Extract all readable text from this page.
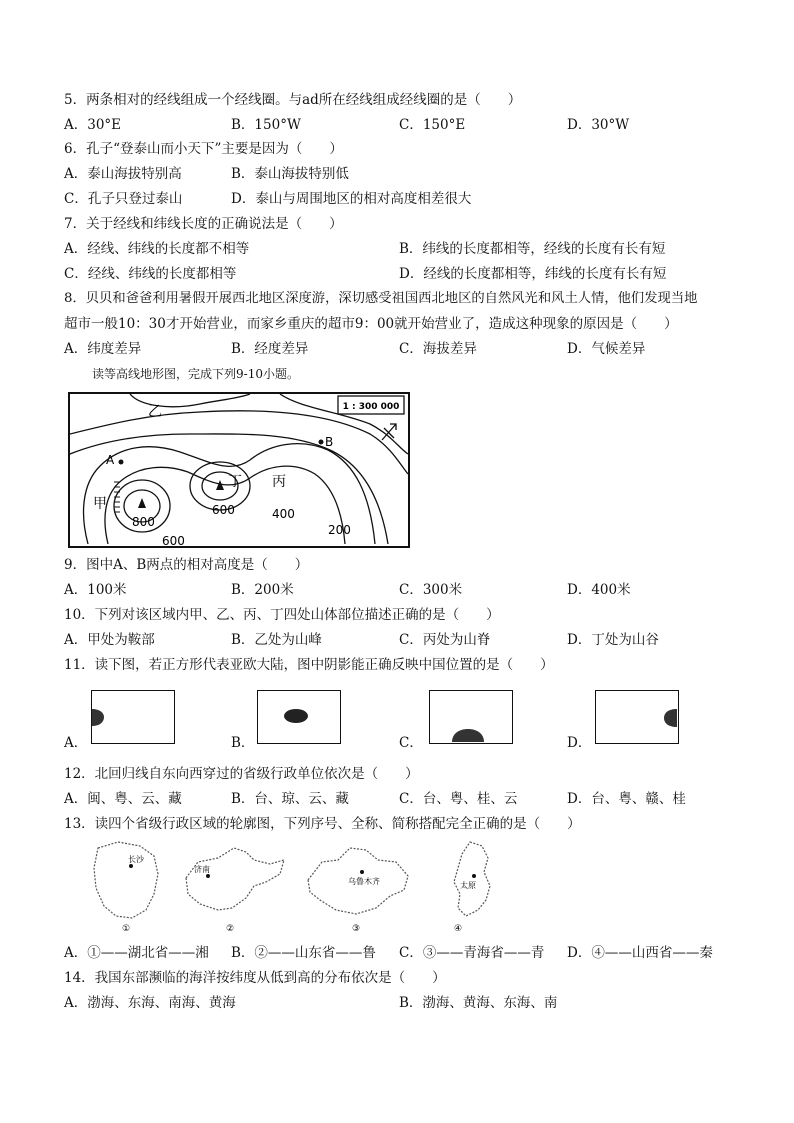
5．两条相对的经线组成一个经线圈。与ad所在经线组成经线圈的是（　　）
A．30°E	B．150°W	C．150°E	D．30°W
6．孔子“登泰山而小天下”主要是因为（　　）
A．泰山海拔特别高	B．泰山海拔特别低
C．孔子只登过泰山	D．泰山与周围地区的相对高度相差很大
7．关于经线和纬线长度的正确说法是（　　）
A．经线、纬线的长度都不相等	B．纬线的长度都相等，经线的长度有长有短
C．经线、纬线的长度都相等	D．经线的长度都相等，纬线的长度有长有短
8．贝贝和爸爸利用暑假开展西北地区深度游，深切感受祖国西北地区的自然风光和风土人情，他们发现当地
超市一般10：30才开始营业，而家乡重庆的超市9：00就开始营业了，造成这种现象的原因是（　　）
A．纬度差异	B．经度差异	C．海拔差异	D．气候差异
读等高线地形图，完成下列9-10小题。
1 : 300 000
乙
甲
丁 丙
A
B
800
600
600	400
200
9．图中A、B两点的相对高度是（　　）
A．100米	B．200米	C．300米	D．400米
10．下列对该区域内甲、乙、丙、丁四处山体部位描述正确的是（　　）
A．甲处为鞍部	B．乙处为山峰	C．丙处为山脊	D．丁处为山谷
11．读下图，若正方形代表亚欧大陆，图中阴影能正确反映中国位置的是（　　）
A．	B．	C．	D．
12．北回归线自东向西穿过的省级行政单位依次是（　　）
A．闽、粤、云、藏	B．台、琼、云、藏	C．台、粤、桂、云	D．台、粤、赣、桂
13．读四个省级行政区域的轮廓图，下列序号、全称、简称搭配完全正确的是（　　）
长沙
①
济南
②
乌鲁木齐
③
太原
④
A．①——湖北省——湘 B．②——山东省——鲁 C．③——青海省——青 D．④——山西省——秦
14．我国东部濒临的海洋按纬度从低到高的分布依次是（　　）
A．渤海、东海、南海、黄海	B．渤海、黄海、东海、南
